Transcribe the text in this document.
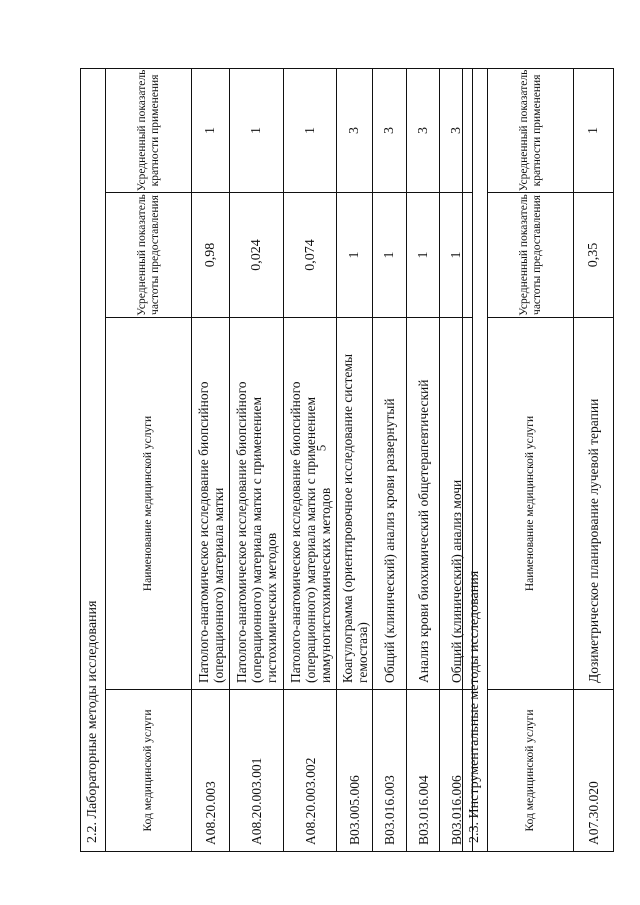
5
2.2. Лабораторные методы исследования			
Код медицинской услуги	Наименование медицинской услуги	Усредненный показатель частоты предоставления	Усредненный показатель кратности применения
A08.20.003	Патолого-анатомическое исследование биопсийного (операционного) материала матки	0,98	1
A08.20.003.001	Патолого-анатомическое исследование биопсийного (операционного) материала матки с применением гистохимических методов	0,024	1
A08.20.003.002	Патолого-анатомическое исследование биопсийного (операционного) материала матки с применением иммуногистохимических методов	0,074	1
B03.005.006	Коагулограмма (ориентировочное исследование системы гемостаза)	1	3
B03.016.003	Общий (клинический) анализ крови развернутый	1	3
B03.016.004	Анализ крови биохимический общетерапевтический	1	3
B03.016.006	Общий (клинический) анализ мочи	1	3
2.3. Инструментальные методы исследования			
Код медицинской услуги	Наименование медицинской услуги	Усредненный показатель частоты предоставления	Усредненный показатель кратности применения
A07.30.020	Дозиметрическое планирование лучевой терапии	0,35	1
